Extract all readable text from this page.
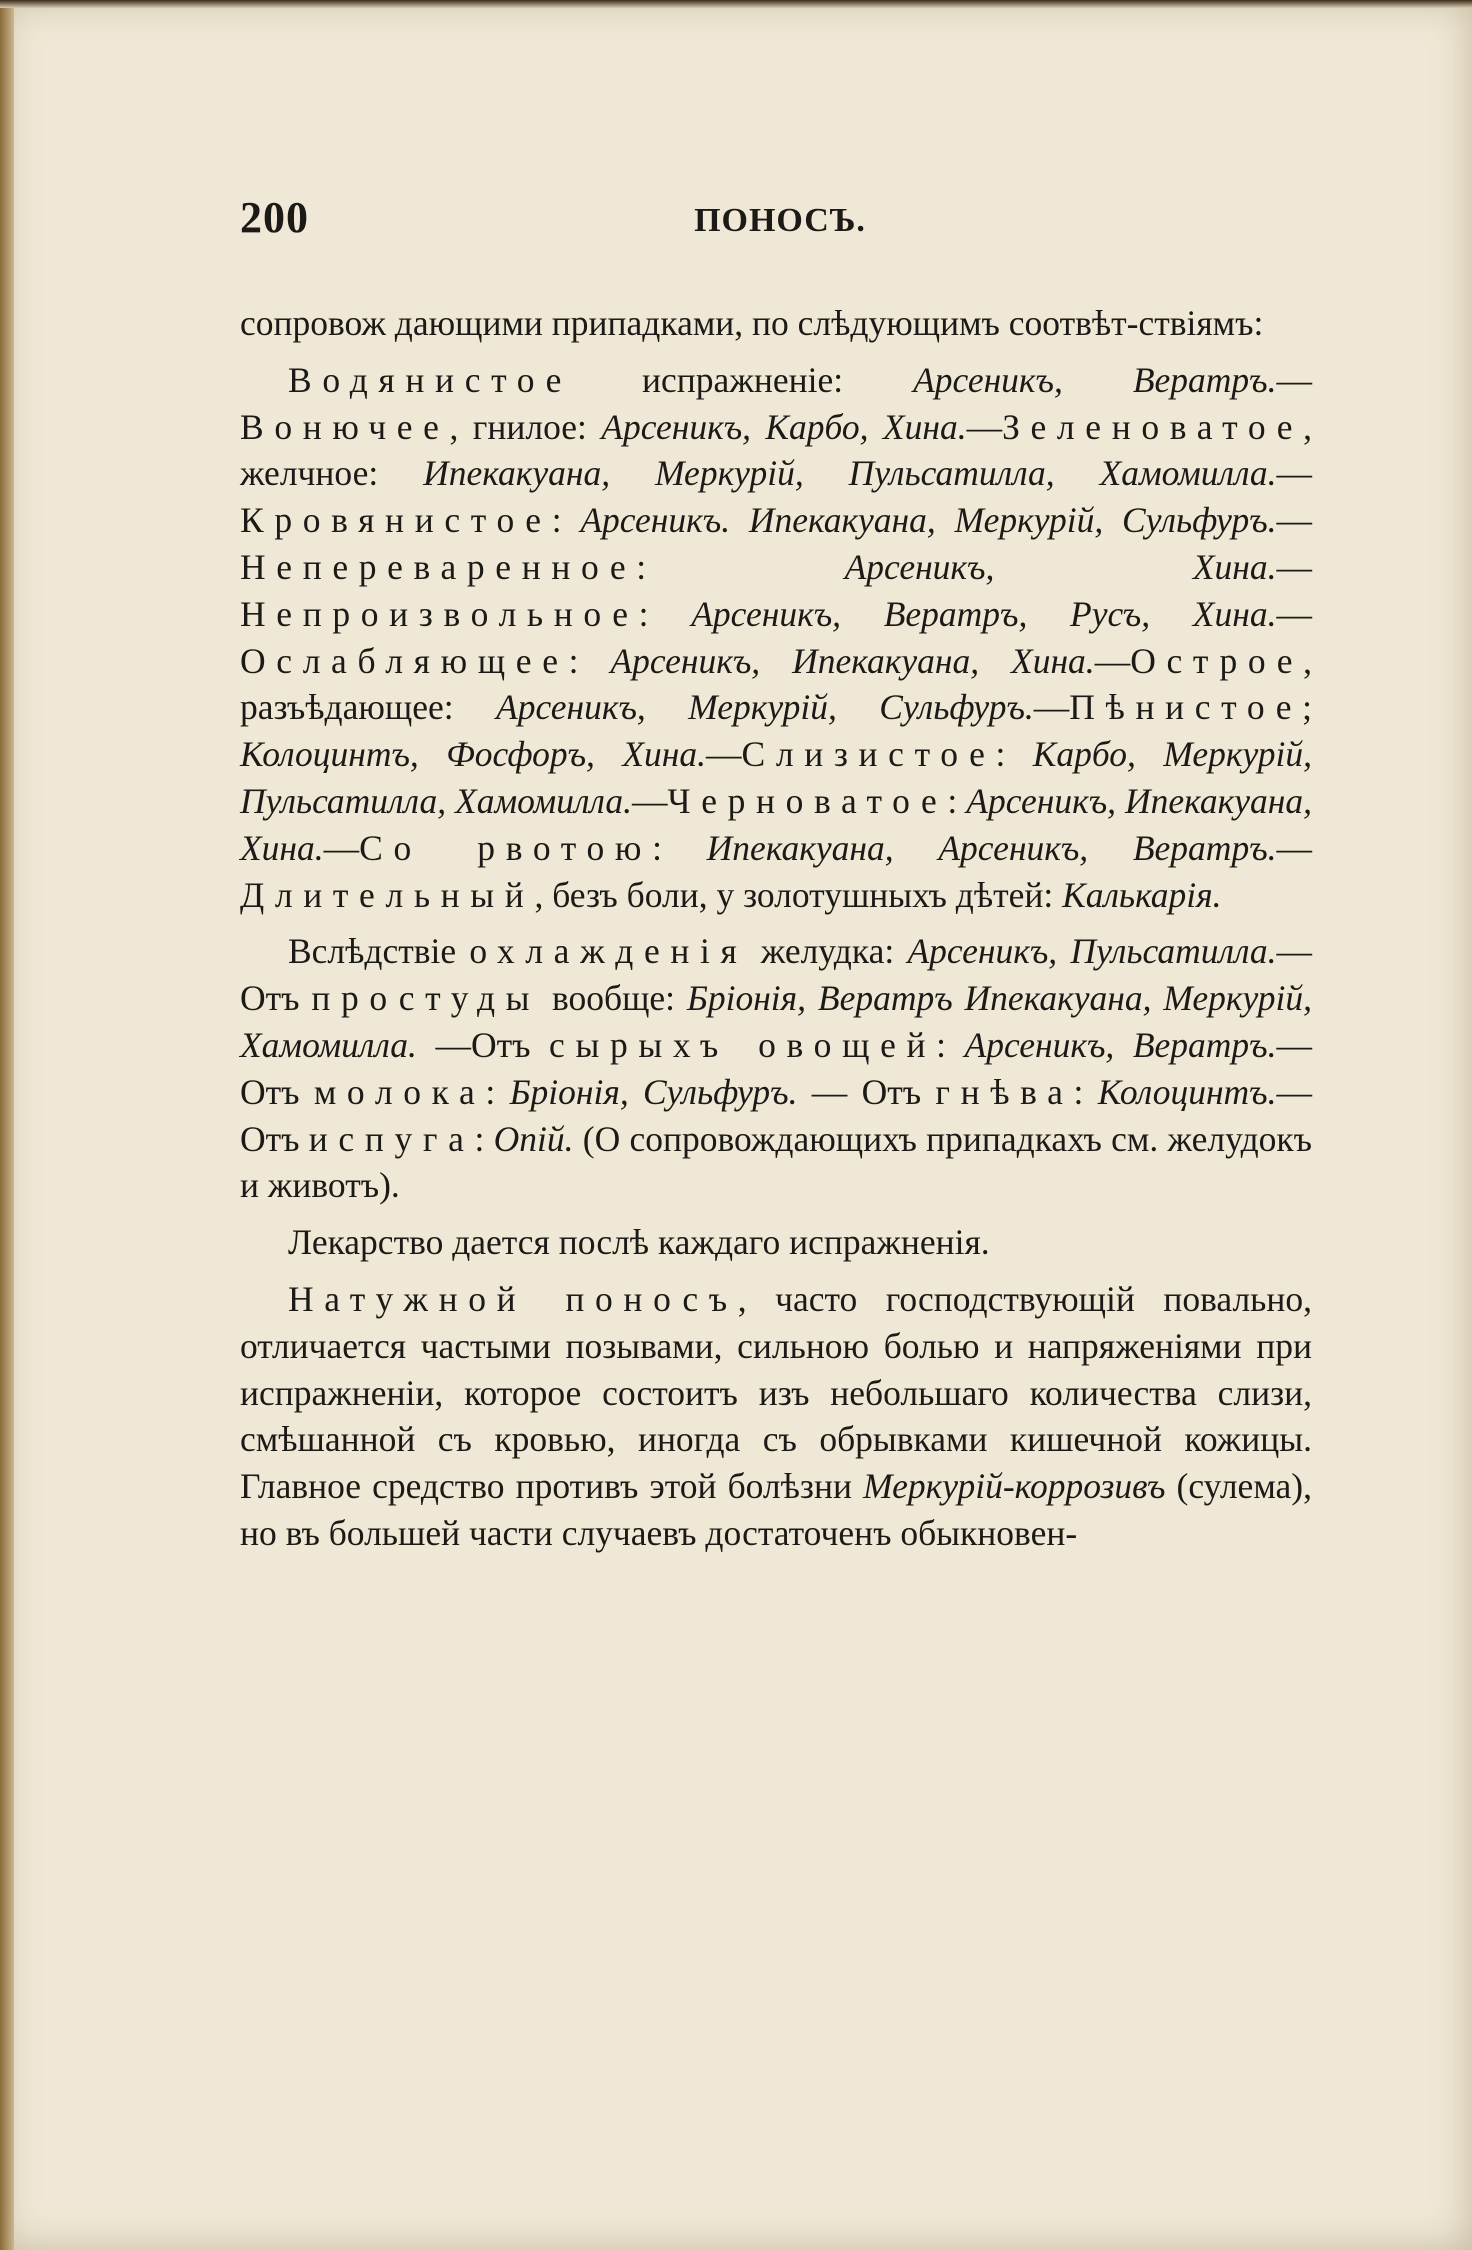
200	ПОНОСЪ.

сопровож дающими припадками, по слѣдующимъ соотвѣт-ствіямъ:

Водянистое испражненіе: Арсеникъ, Вератръ.— Вонючее, гнилое: Арсеникъ, Карбо, Хина.—Зеленоватое, желчное: Ипекакуана, Меркурій, Пульсатилла, Хамомилла.—Кровянистое: Арсеникъ. Ипекакуана, Меркурій, Сульфуръ.—Непереваренное: Арсеникъ, Хина.— Непроизвольное: Арсеникъ, Вератръ, Русъ, Хина.—Ослабляющее: Арсеникъ, Ипекакуана, Хина.—Острое, разъѣдающее: Арсеникъ, Меркурій, Сульфуръ.—Пѣнистое; Колоцинтъ, Фосфоръ, Хина.—Слизистое: Карбо, Меркурій, Пульсатилла, Хамомилла.—Черноватое: Арсеникъ, Ипекакуана, Хина.—Со рвотою: Ипекакуана, Арсеникъ, Вератръ.—Длительный, безъ боли, у золотушныхъ дѣтей: Калькарія.

Вслѣдствіе охлажденія желудка: Арсеникъ, Пульсатилла.—Отъ простуды вообще: Бріонія, Вератръ Ипекакуана, Меркурій, Хамомилла. —Отъ сырыхъ овощей: Арсеникъ, Вератръ.—Отъ молока: Бріонія, Сульфуръ. — Отъ гнѣва: Колоцинтъ.—Отъ испуга: Опій. (О сопровождающихъ припадкахъ см. желудокъ и животъ).

Лекарство дается послѣ каждаго испражненія.

Натужной поносъ, часто господствующій повально, отличается частыми позывами, сильною болью и напряженіями при испражненіи, которое состоитъ изъ небольшаго количества слизи, смѣшанной съ кровью, иногда съ обрывками кишечной кожицы. Главное средство противъ этой болѣзни Меркурій-коррозивъ (сулема), но въ большей части случаевъ достаточенъ обыкновен-
